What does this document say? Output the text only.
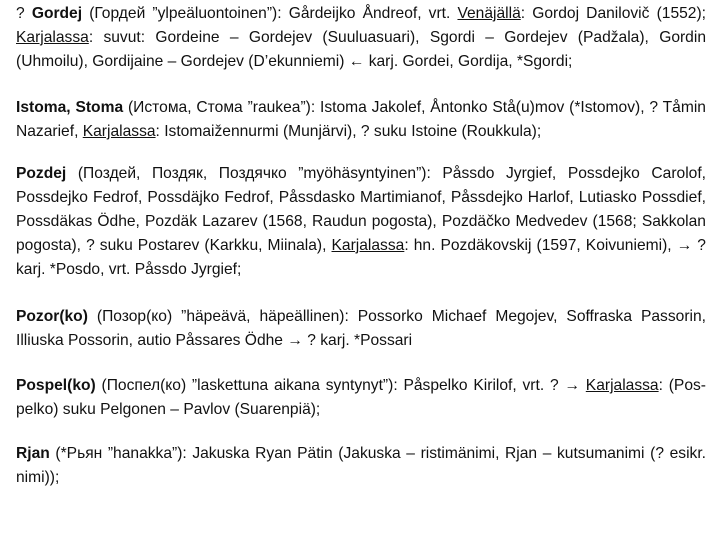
? Gordej (Гордей ”ylpeäluontoinen”): Gårdeijko Åndreof, vrt. Venäjällä: Gordoj Danilovič (1552); Karjalassa: suvut: Gordeine – Gordejev (Suuluasuari), Sgordi – Gordejev (Padžala), Gordin (Uhmoilu), Gordijaine – Gordejev (D’ekunniemi) ← karj. Gordei, Gordija, *Sgordi;

Istoma, Stoma (Истома, Стома ”raukea”): Istoma Jakolef, Åntonko Stå(u)mov (*Istomov), ? Tåmin Nazarief, Karjalassa: Istomaižennurmi (Munjärvi), ? suku Istoine (Roukkula);

Pozdej (Поздей, Поздяк, Поздячко ”myöhäsyntyinen”): Påssdo Jyrgief, Possdejko Carolof, Possdejko Fedrof, Possdäjko Fedrof, Påssdasko Martimianof, Påssdejko Harlof, Lutiasko Possdief, Possdäkas Ödhe, Pozdäk Lazarev (1568, Raudun pogosta), Pozdäčko Medvedev (1568; Sakkolan pogosta), ? suku Postarev (Karkku, Miinala), Karjalassa: hn. Pozdäkovskij (1597, Koivuniemi), → ? karj. *Posdo, vrt. Påssdo Jyrgief;

Pozor(ko) (Позор(ко) ”häpeävä, häpeällinen): Possorko Michaef Megojev, Soffraska Passorin, Illiuska Possorin, autio Påssares Ödhe → ? karj. *Possari

Pospel(ko) (Поспел(ко) ”laskettuna aikana syntynyt”): Påspelko Kirilof, vrt. ? → Karjalassa: (Pos-pelko) suku Pelgonen – Pavlov (Suarenpiä);

Rjan (*Рьян ”hanakka”): Jakuska Ryan Pätin (Jakuska – ristimänimi, Rjan – kutsumanimi (? esikr. nimi));
